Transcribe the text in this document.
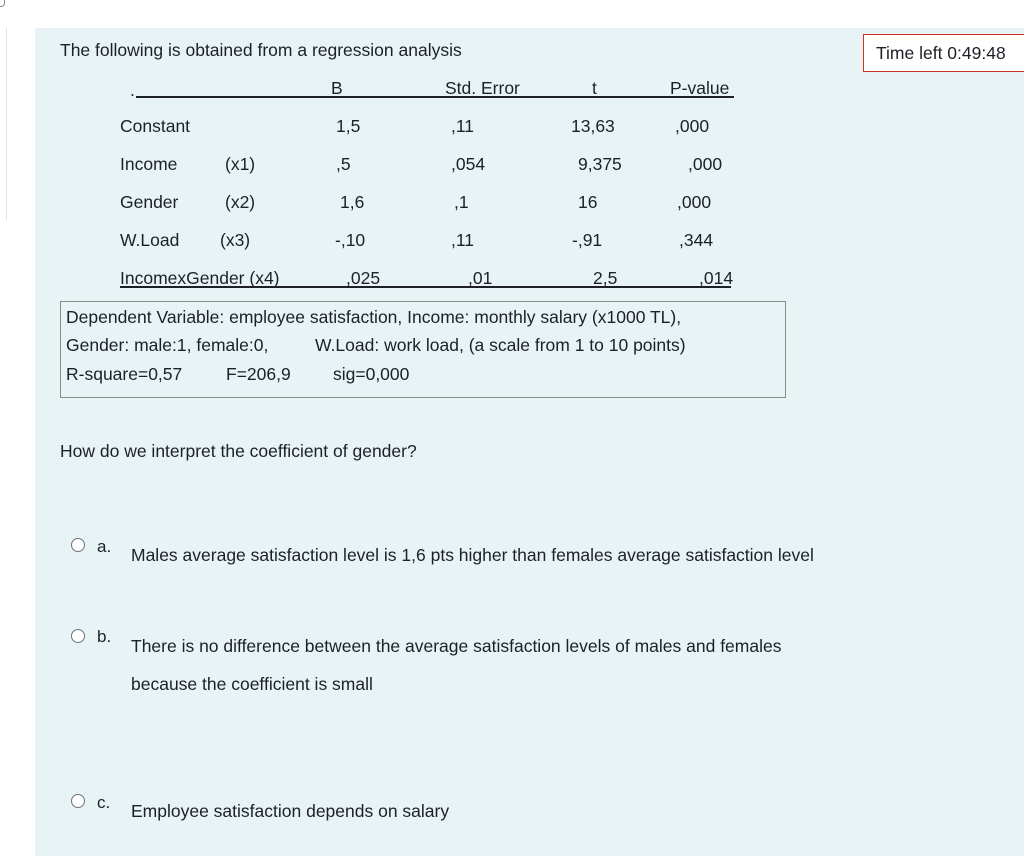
Time left 0:49:48
The following is obtained from a regression analysis
.	B	Std. Error	t	P-value
Constant	1,5	,11	13,63	,000
Income	(x1)	,5	,054	9,375	,000
Gender	(x2)	1,6	,1	16	,000
W.Load (x3)	-,10	,11	-,91	,344
IncomexGender (x4)	,025	,01	2,5	,014
Dependent Variable: employee satisfaction, Income: monthly salary (x1000 TL),
Gender: male:1, female:0,	W.Load: work load, (a scale from 1 to 10 points)
R-square=0,57 F=206,9 sig=0,000
How do we interpret the coefficient of gender?
a. Males average satisfaction level is 1,6 pts higher than females average satisfaction level
b. There is no difference between the average satisfaction levels of males and females
because the coefficient is small
c. Employee satisfaction depends on salary
